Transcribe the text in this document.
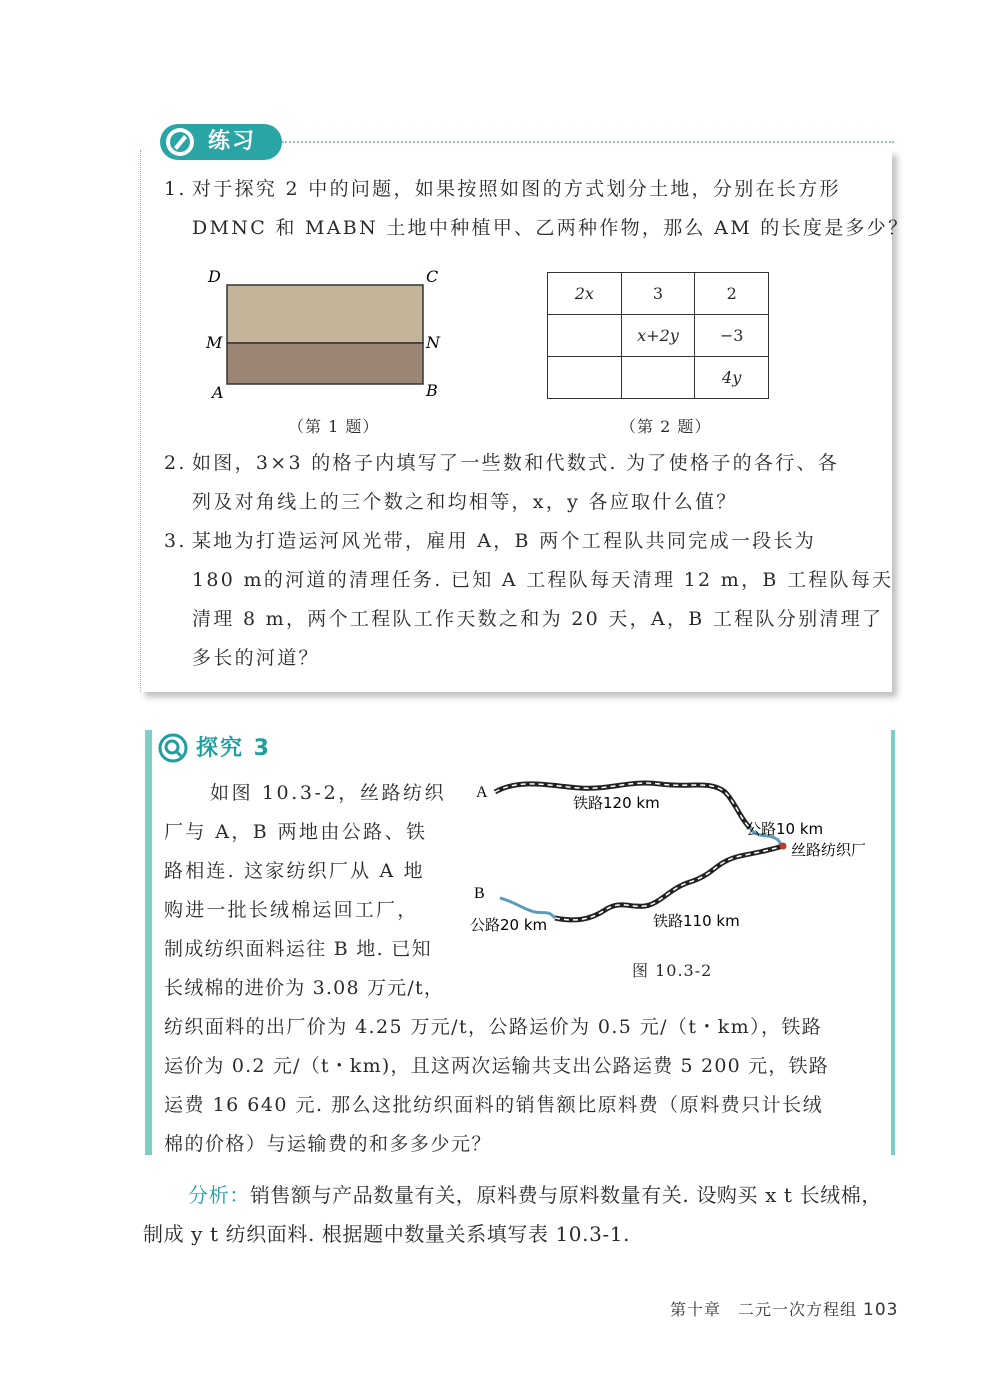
练习
1. 对于探究 2 中的问题，如果按照如图的方式划分土地，分别在长方形
DMNC 和 MABN 土地中种植甲、乙两种作物，那么 AM 的长度是多少？
D	C
M	N
A	B
（第 1 题）
2x	3	2
	x+2y	−3
		4y
（第 2 题）
2. 如图，3×3 的格子内填写了一些数和代数式. 为了使格子的各行、各
列及对角线上的三个数之和均相等，x，y 各应取什么值？
3. 某地为打造运河风光带，雇用 A，B 两个工程队共同完成一段长为
180 m的河道的清理任务. 已知 A 工程队每天清理 12 m，B 工程队每天
清理 8 m，两个工程队工作天数之和为 20 天，A，B 工程队分别清理了
多长的河道？
探究 3
如图 10.3-2，丝路纺织
厂与 A，B 两地由公路、铁
路相连. 这家纺织厂从 A 地
购进一批长绒棉运回工厂，
制成纺织面料运往 B 地. 已知
长绒棉的进价为 3.08 万元/t，
纺织面料的出厂价为 4.25 万元/t，公路运价为 0.5 元/（t・km），铁路
运价为 0.2 元/（t・km)，且这两次运输共支出公路运费 5 200 元，铁路
运费 16 640 元. 那么这批纺织面料的销售额比原料费（原料费只计长绒
棉的价格）与运输费的和多多少元？
A
B
铁路120 km
公路10 km
丝路纺织厂
公路20 km	铁路110 km
图 10.3-2
分析：销售额与产品数量有关，原料费与原料数量有关. 设购买 x t 长绒棉，
制成 y t 纺织面料. 根据题中数量关系填写表 10.3-1.
第十章　二元一次方程组 103
